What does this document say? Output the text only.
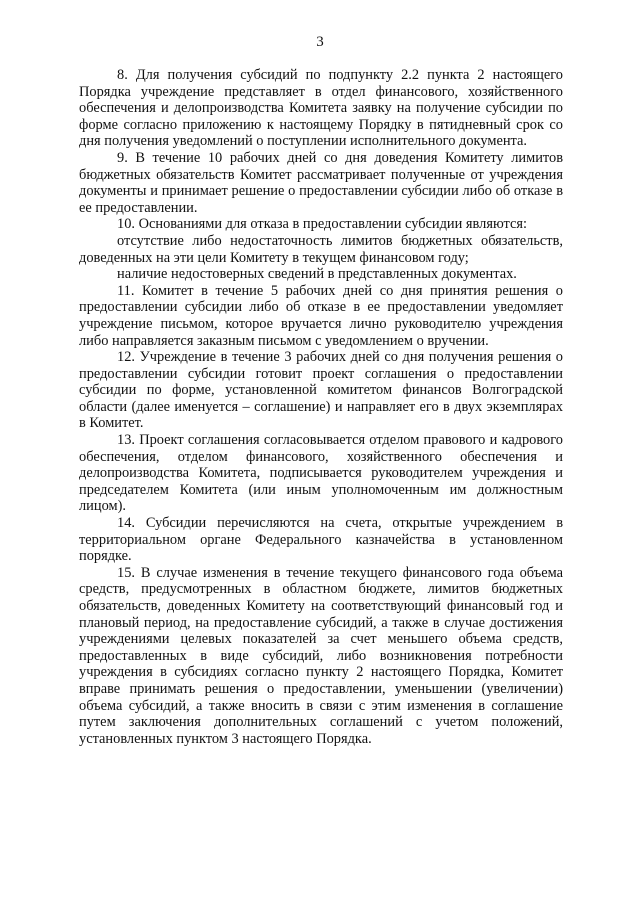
3

8. Для получения субсидий по подпункту 2.2 пункта 2 настоящего Порядка учреждение представляет в отдел финансового, хозяйственного обеспечения и делопроизводства Комитета заявку на получение субсидии по форме согласно приложению к настоящему Порядку в пятидневный срок со дня получения уведомлений о поступлении исполнительного документа.

9. В течение 10 рабочих дней со дня доведения Комитету лимитов бюджетных обязательств Комитет рассматривает полученные от учреждения документы и принимает решение о предоставлении субсидии либо об отказе в ее предоставлении.

10. Основаниями для отказа в предоставлении субсидии являются:

отсутствие либо недостаточность лимитов бюджетных обязательств, доведенных на эти цели Комитету в текущем финансовом году;

наличие недостоверных сведений в представленных документах.

11. Комитет в течение 5 рабочих дней со дня принятия решения о предоставлении субсидии либо об отказе в ее предоставлении уведомляет учреждение письмом, которое вручается лично руководителю учреждения либо направляется заказным письмом с уведомлением о вручении.

12. Учреждение в течение 3 рабочих дней со дня получения решения о предоставлении субсидии готовит проект соглашения о предоставлении субсидии по форме, установленной комитетом финансов Волгоградской области (далее именуется – соглашение) и направляет его в двух экземплярах в Комитет.

13. Проект соглашения согласовывается отделом правового и кадрового обеспечения, отделом финансового, хозяйственного обеспечения и делопроизводства Комитета, подписывается руководителем учреждения и председателем Комитета (или иным уполномоченным им должностным лицом).

14. Субсидии перечисляются на счета, открытые учреждением в территориальном органе Федерального казначейства в установленном порядке.

15. В случае изменения в течение текущего финансового года объема средств, предусмотренных в областном бюджете, лимитов бюджетных обязательств, доведенных Комитету на соответствующий финансовый год и плановый период, на предоставление субсидий, а также в случае достижения учреждениями целевых показателей за счет меньшего объема средств, предоставленных в виде субсидий, либо возникновения потребности учреждения в субсидиях согласно пункту 2 настоящего Порядка, Комитет вправе принимать решения о предоставлении, уменьшении (увеличении) объема субсидий, а также вносить в связи с этим изменения в соглашение путем заключения дополнительных соглашений с учетом положений, установленных пунктом 3 настоящего Порядка.
